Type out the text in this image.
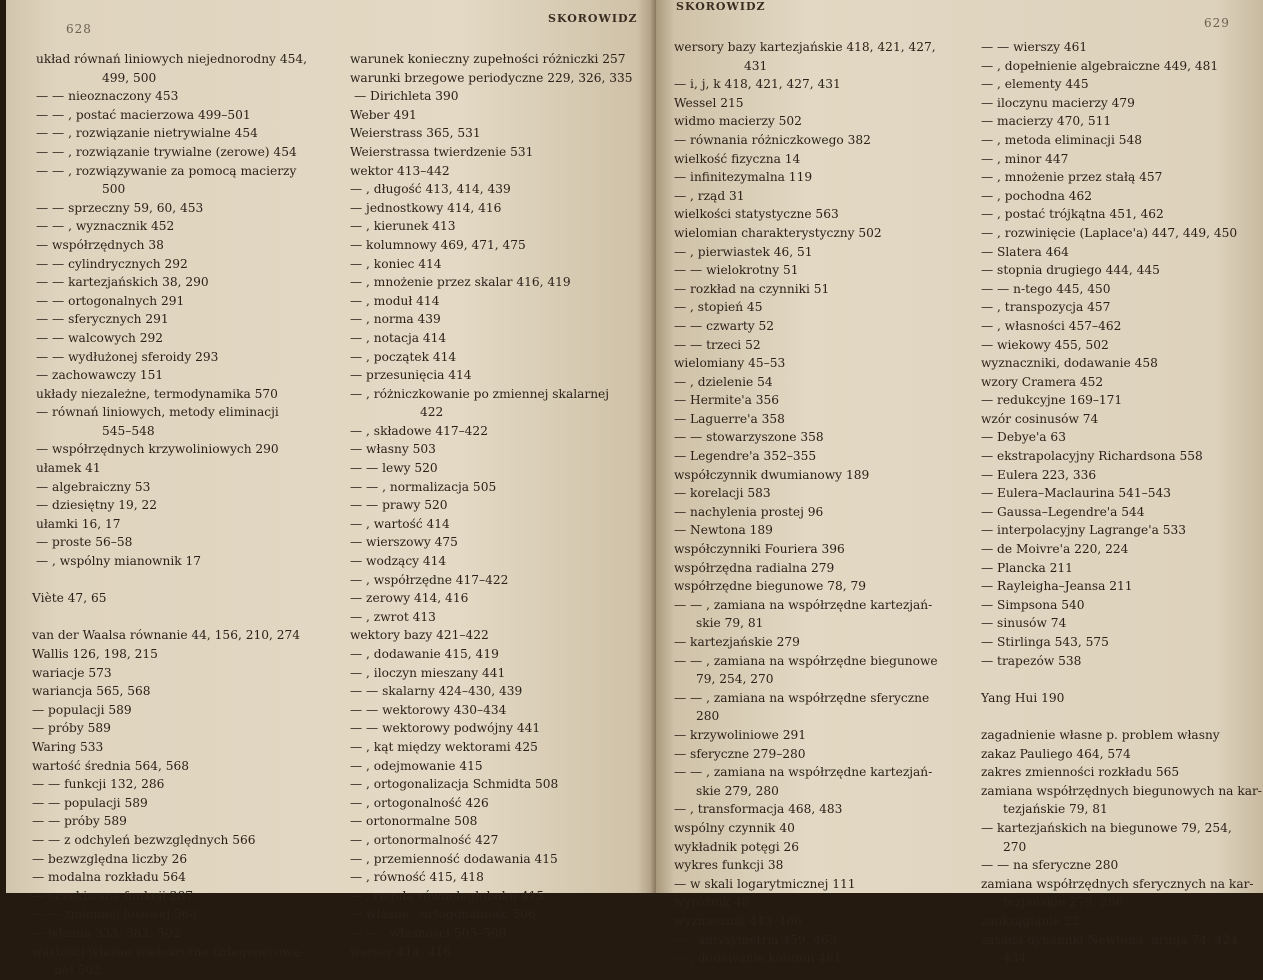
628
SKOROWIDZ
układ równań liniowych niejednorodny 454,
499, 500
— — nieoznaczony 453
— — , postać macierzowa 499–501
— — , rozwiązanie nietrywialne 454
— — , rozwiązanie trywialne (zerowe) 454
— — , rozwiązywanie za pomocą macierzy
500
— — sprzeczny 59, 60, 453
— — , wyznacznik 452
— współrzędnych 38
— — cylindrycznych 292
— — kartezjańskich 38, 290
— — ortogonalnych 291
— — sferycznych 291
— — walcowych 292
— — wydłużonej sferoidy 293
— zachowawczy 151
układy niezależne, termodynamika 570
— równań liniowych, metody eliminacji
545–548
— współrzędnych krzywoliniowych 290
ułamek 41
— algebraiczny 53
— dziesiętny 19, 22
ułamki 16, 17
— proste 56–58
— , wspólny mianownik 17
Viète 47, 65
van der Waalsa równanie 44, 156, 210, 274
Wallis 126, 198, 215
wariacje 573
wariancja 565, 568
— populacji 589
— próby 589
Waring 533
wartość średnia 564, 568
— — funkcji 132, 286
— — populacji 589
— — próby 589
— — z odchyleń bezwzględnych 566
— bezwzględna liczby 26
— modalna rozkładu 564
— oczekiwana funkcji 287
— — zmiennej losowej 568
— własna 333, 382, 502
wartości własne wielokrotne (zdegenerowa-
ne) 502
warunek konieczny zupełności różniczki 257
warunki brzegowe periodyczne 229, 326, 335
— Dirichleta 390
Weber 491
Weierstrass 365, 531
Weierstrassa twierdzenie 531
wektor 413–442
— , długość 413, 414, 439
— jednostkowy 414, 416
— , kierunek 413
— kolumnowy 469, 471, 475
— , koniec 414
— , mnożenie przez skalar 416, 419
— , moduł 414
— , norma 439
— , notacja 414
— , początek 414
— przesunięcia 414
— , różniczkowanie po zmiennej skalarnej
422
— , składowe 417–422
— własny 503
— — lewy 520
— — , normalizacja 505
— — prawy 520
— , wartość 414
— wierszowy 475
— wodzący 414
— , współrzędne 417–422
— zerowy 414, 416
— , zwrot 413
wektory bazy 421–422
— , dodawanie 415, 419
— , iloczyn mieszany 441
— — skalarny 424–430, 439
— — wektorowy 430–434
— — wektorowy podwójny 441
— , kąt między wektorami 425
— , odejmowanie 415
— , ortogonalizacja Schmidta 508
— , ortogonalność 426
— ortonormalne 508
— , ortonormalność 427
— , przemienność dodawania 415
— , równość 415, 418
— , reguła równoległoboku 415
— własne , ortogonalność 506
— — , własności 505–508
wersor 414, 416
SKOROWIDZ
629
wersory bazy kartezjańskie 418, 421, 427,
431
— i, j, k 418, 421, 427, 431
Wessel 215
widmo macierzy 502
— równania różniczkowego 382
wielkość fizyczna 14
— infinitezymalna 119
— , rząd 31
wielkości statystyczne 563
wielomian charakterystyczny 502
— , pierwiastek 46, 51
— — wielokrotny 51
— rozkład na czynniki 51
— , stopień 45
— — czwarty 52
— — trzeci 52
wielomiany 45–53
— , dzielenie 54
— Hermite'a 356
— Laguerre'a 358
— — stowarzyszone 358
— Legendre'a 352–355
współczynnik dwumianowy 189
— korelacji 583
— nachylenia prostej 96
— Newtona 189
współczynniki Fouriera 396
współrzędna radialna 279
współrzędne biegunowe 78, 79
— — , zamiana na współrzędne kartezjań-
skie 79, 81
— kartezjańskie 279
— — , zamiana na współrzędne biegunowe
79, 254, 270
— — , zamiana na współrzędne sferyczne
280
— krzywoliniowe 291
— sferyczne 279–280
— — , zamiana na współrzędne kartezjań-
skie 279, 280
— , transformacja 468, 483
wspólny czynnik 40
wykładnik potęgi 26
wykres funkcji 38
— w skali logarytmicznej 111
wyróżnik 48
wyznacznik 443–466
— , antysymetria 459, 463
— , dodawanie kolumn 461
— — wierszy 461
— , dopełnienie algebraiczne 449, 481
— , elementy 445
— iloczynu macierzy 479
— macierzy 470, 511
— , metoda eliminacji 548
— , minor 447
— , mnożenie przez stałą 457
— , pochodna 462
— , postać trójkątna 451, 462
— , rozwinięcie (Laplace'a) 447, 449, 450
— Slatera 464
— stopnia drugiego 444, 445
— — n-tego 445, 450
— , transpozycja 457
— , własności 457–462
— wiekowy 455, 502
wyznaczniki, dodawanie 458
wzory Cramera 452
— redukcyjne 169–171
wzór cosinusów 74
— Debye'a 63
— ekstrapolacyjny Richardsona 558
— Eulera 223, 336
— Eulera–Maclaurina 541–543
— Gaussa–Legendre'a 544
— interpolacyjny Lagrange'a 533
— de Moivre'a 220, 224
— Plancka 211
— Rayleigha–Jeansa 211
— Simpsona 540
— sinusów 74
— Stirlinga 543, 575
— trapezów 538
Yang Hui 190
zagadnienie własne p. problem własny
zakaz Pauliego 464, 574
zakres zmienności rozkładu 565
zamiana współrzędnych biegunowych na kar-
tezjańskie 79, 81
— kartezjańskich na biegunowe 79, 254,
270
— — na sferyczne 280
zamiana współrzędnych sferycznych na kar-
tezjańskie 279, 280
zaokrąglanie 22
zasada dynamiki Newtona, druga 74, 424,
434
